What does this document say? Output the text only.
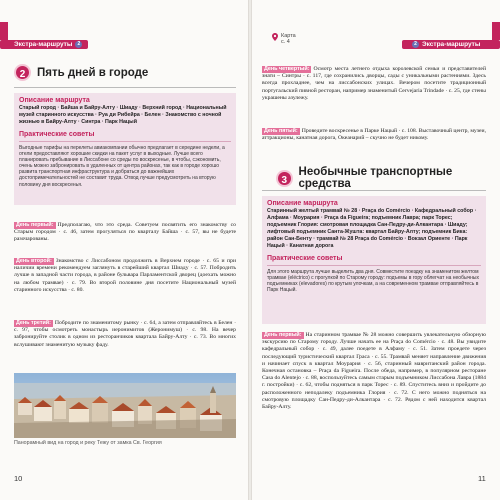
Экстра-маршруты 2
2	Пять дней в городе
Описание маршрута
Старый город · Байша и Байру-Алту · Шиаду · Верхний город · Национальный музей старинного искусства · Руа ди Рибейра · Белен · Знакомство с ночной жизнью в Байру-Алту · Синтра · Парк Нацый
Практические советы
Выгодные тарифы на перелеты авиакомпании обычно предлагает в середине недели, а отели предоставляют хорошие скидки на пакет услуг в выходные. Лучше всего планировать пребывание в Лиссабоне со среды по воскресенье, в чтобы, сэкономить, очень можно забронировать в удаленных от центра районах, так как в городе хорошо развита транспортная инфраструктура и добраться до важнейших достопримечательностей не составит труда. Отвод лучше предусмотреть на вторую половину дня воскресенья.
День первый: Предполагаю, что это среда. Советуем посвятить его знакомству со Старым городом · с. 46, затем прогуляться по кварталу Байша · с. 57, вы не будете разочарованы.
День второй: Знакомство с Лиссабоном продолжить в Верхнем городе · с. 65 и при наличии времени рекомендуем заглянуть в старейший квартал Шиаду · с. 57. Побродить лучше в западной части города, в районе бульвара Парламентской дворец (доехать можно на любом трамвае) · с. 79. Во второй половине дня посетите Национальный музей старинного искусства · с. 80.
День третий: Побродите по знаменитому рынку · с. 64, а затем отправляйтесь в Белен · с. 97, чтобы осмотреть монастырь иеронимитов (Жеронимуш) · с. 98. На вечер забронируйте столик в одном из ресторанчиков квартала Байру-Алту · с. 73. Во многих вслушивают знаменитую музыку фаду.
Панорамный вид на город и реку Тежу от замка Св. Георгия
10
Карта
с. 4	2 Экстра-маршруты
День четвертый: Осмотр места летнего отдыха королевской семьи и представителей знати – Синтры · с. 117, где сохранились дворцы, сады с уникальными растениями. Здесь всегда прохладнее, чем на лиссабонских улицах. Вечером посетите традиционный португальский пивной ресторан, например знаменитый Cervejaria Trindade · с. 25, где стены украшены азулежу.
День пятый: Проведите воскресенье в Парке Нацый · с. 108. Выставочный центр, музеи, аттракционы, канатная дорога, Океанарий – скучно не будет никому.
3
Необычные транспортные средства
Описание маршрута
Старинный желтый трамвай № 28 · Praça do Comércio · Кафедральный собор · Алфама · Моурария · Praça da Figueira; подъемник Лавра; парк Торес; подъемник Глория: смотровая площадка Сан-Педру-ди-Алкантара · Шиаду; лифтовый подъемник Санта-Жушта: квартал Байру-Алту; подъемник Бика: район Сан-Бенту · трамвай № 28 Praça do Comércio · Вокзал Ориенте · Парк Нацый · Канатная дорога
Практические советы
Для этого маршрута лучше выделить два дня. Совместите поездку на знаменитом желтом трамвае (eléctrico) с прогулкой по Старому городу: подъемы в гору облегчат на необычных подъемниках (elevadores) по крутым улочкам, а на современном трамвае отправляйтесь в Парк Нацый.
День первый: На старинном трамвае № 28 можно совершить увлекательную обзорную экскурсию по Старому городу. Лучше начать ее на Praça do Comércio · с. 48. Вы увидите кафедральный собор · с. 49, далее поедете в Алфаму · с. 51. Затем проедете через последующий туристический квартал Граса · с. 55. Трамвай меняет направление движения и начинает спуск в квартал Моурария · с. 56, старинный мавританский район города. Конечная остановка – Praça da Figueira. После обеда, например, в популярном ресторане Casa do Alentejo · с. 88, воспользуйтесь самым старым подъемником Лиссабона Лавра (1884 г. постройки) · с. 62, чтобы подняться в парк Торес · с. 89. Спуститесь вниз и пройдите до расположенного неподалеку подъемника Глория · с. 72. С него можно подняться на смотровую площадку Сан-Педру-ди-Алкантара · с. 72. Рядом с ней находится квартал Байру-Алту.
11
